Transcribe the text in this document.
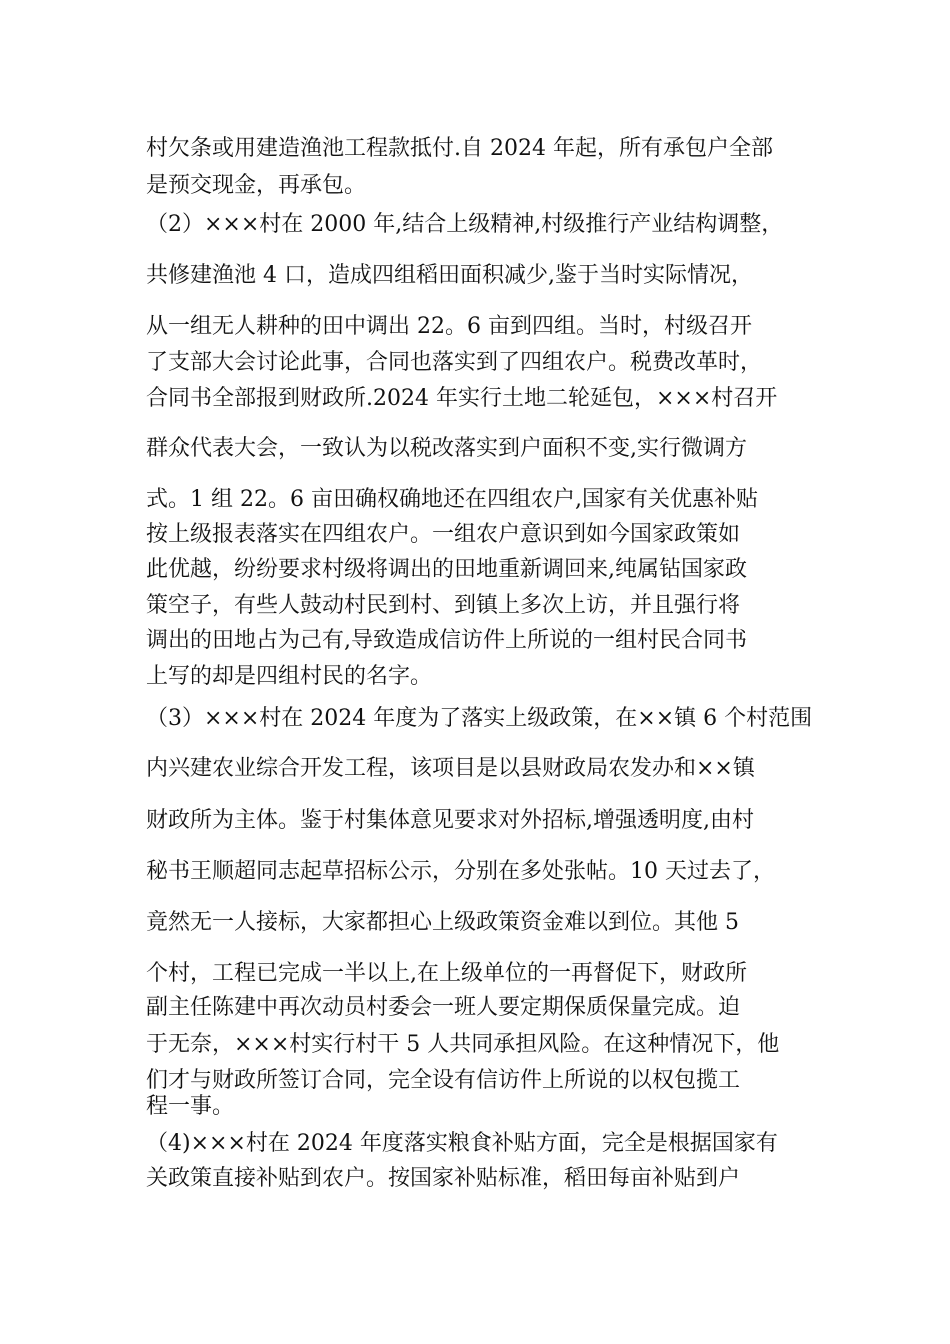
村欠条或用建造渔池工程款抵付.自 2024 年起，所有承包户全部

是预交现金，再承包。

（2）×××村在 2000 年,结合上级精神,村级推行产业结构调整，

共修建渔池 4 口，造成四组稻田面积减少,鉴于当时实际情况，

从一组无人耕种的田中调出 22。6 亩到四组。当时，村级召开

了支部大会讨论此事，合同也落实到了四组农户。税费改革时，

合同书全部报到财政所.2024 年实行土地二轮延包，×××村召开

群众代表大会，一致认为以税改落实到户面积不变,实行微调方

式。1 组 22。6 亩田确权确地还在四组农户,国家有关优惠补贴

按上级报表落实在四组农户。一组农户意识到如今国家政策如

此优越，纷纷要求村级将调出的田地重新调回来,纯属钻国家政

策空子，有些人鼓动村民到村、到镇上多次上访，并且强行将

调出的田地占为己有,导致造成信访件上所说的一组村民合同书

上写的却是四组村民的名字。

（3）×××村在 2024 年度为了落实上级政策，在××镇 6 个村范围

内兴建农业综合开发工程，该项目是以县财政局农发办和××镇

财政所为主体。鉴于村集体意见要求对外招标,增强透明度,由村

秘书王顺超同志起草招标公示，分别在多处张帖。10 天过去了，

竟然无一人接标，大家都担心上级政策资金难以到位。其他 5

个村，工程已完成一半以上,在上级单位的一再督促下，财政所

副主任陈建中再次动员村委会一班人要定期保质保量完成。迫

于无奈，×××村实行村干 5 人共同承担风险。在这种情况下，他

们才与财政所签订合同，完全设有信访件上所说的以权包揽工

程一事。

（4)×××村在 2024 年度落实粮食补贴方面，完全是根据国家有

关政策直接补贴到农户。按国家补贴标准，稻田每亩补贴到户
